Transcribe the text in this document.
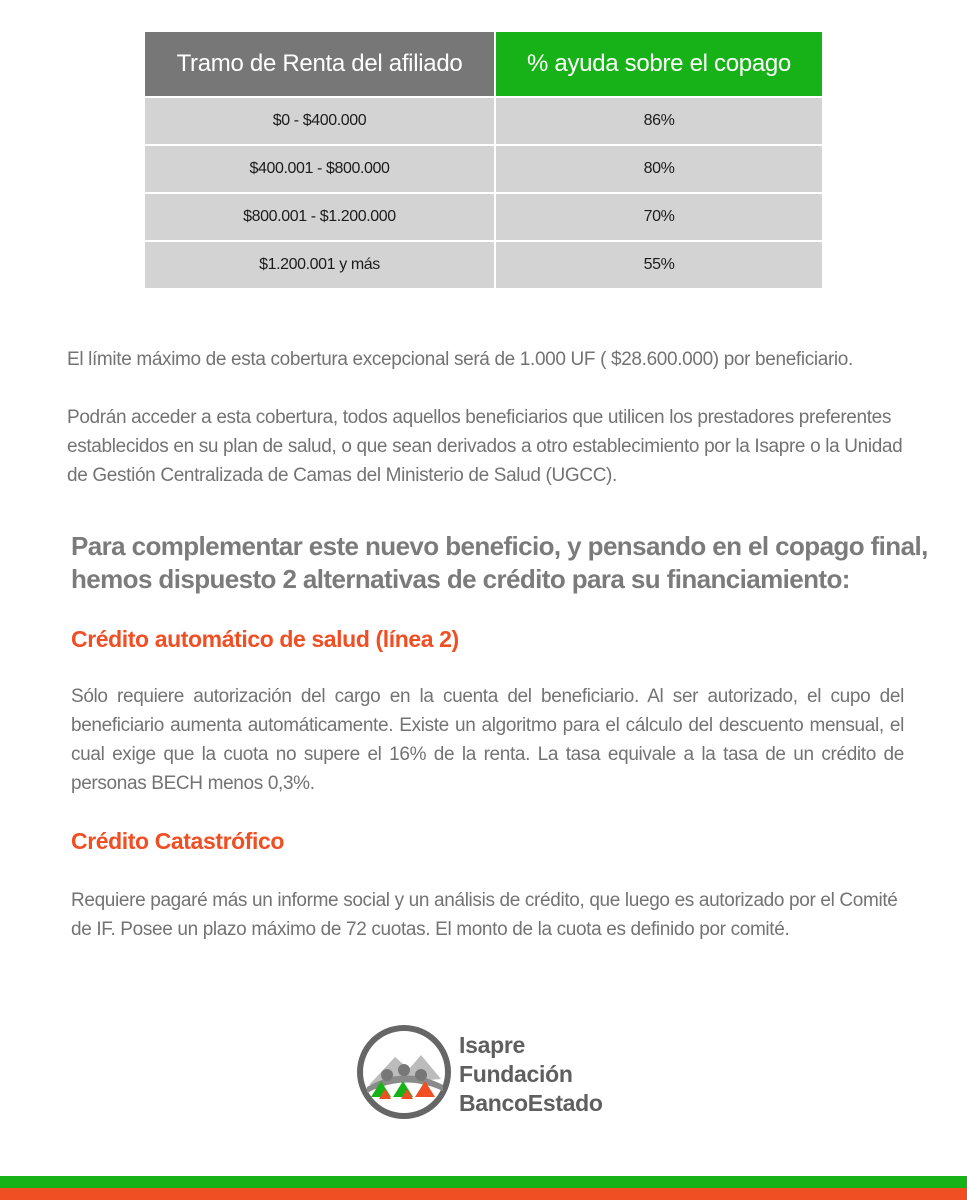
Tramo de Renta del afiliado	% ayuda sobre el copago
$0 - $400.000	86%
$400.001 - $800.000	80%
$800.001 - $1.200.000	70%
$1.200.001 y más	55%

El límite máximo de esta cobertura excepcional será de 1.000 UF ( $28.600.000) por beneficiario.

Podrán acceder a esta cobertura, todos aquellos beneficiarios que utilicen los prestadores preferentes establecidos en su plan de salud, o que sean derivados a otro establecimiento por la Isapre o la Unidad de Gestión Centralizada de Camas del Ministerio de Salud (UGCC).

Para complementar este nuevo beneficio, y pensando en el copago final, hemos dispuesto 2 alternativas de crédito para su financiamiento:
Crédito automático de salud (línea 2)

Sólo requiere autorización del cargo en la cuenta del beneficiario. Al ser autorizado, el cupo del beneficiario aumenta automáticamente. Existe un algoritmo para el cálculo del descuento mensual, el cual exige que la cuota no supere el 16% de la renta. La tasa equivale a la tasa de un crédito de personas BECH menos 0,3%.

Crédito Catastrófico

Requiere pagaré más un informe social y un análisis de crédito, que luego es autorizado por el Comité de IF. Posee un plazo máximo de 72 cuotas. El monto de la cuota es definido por comité.

Isapre
Fundación
BancoEstado
